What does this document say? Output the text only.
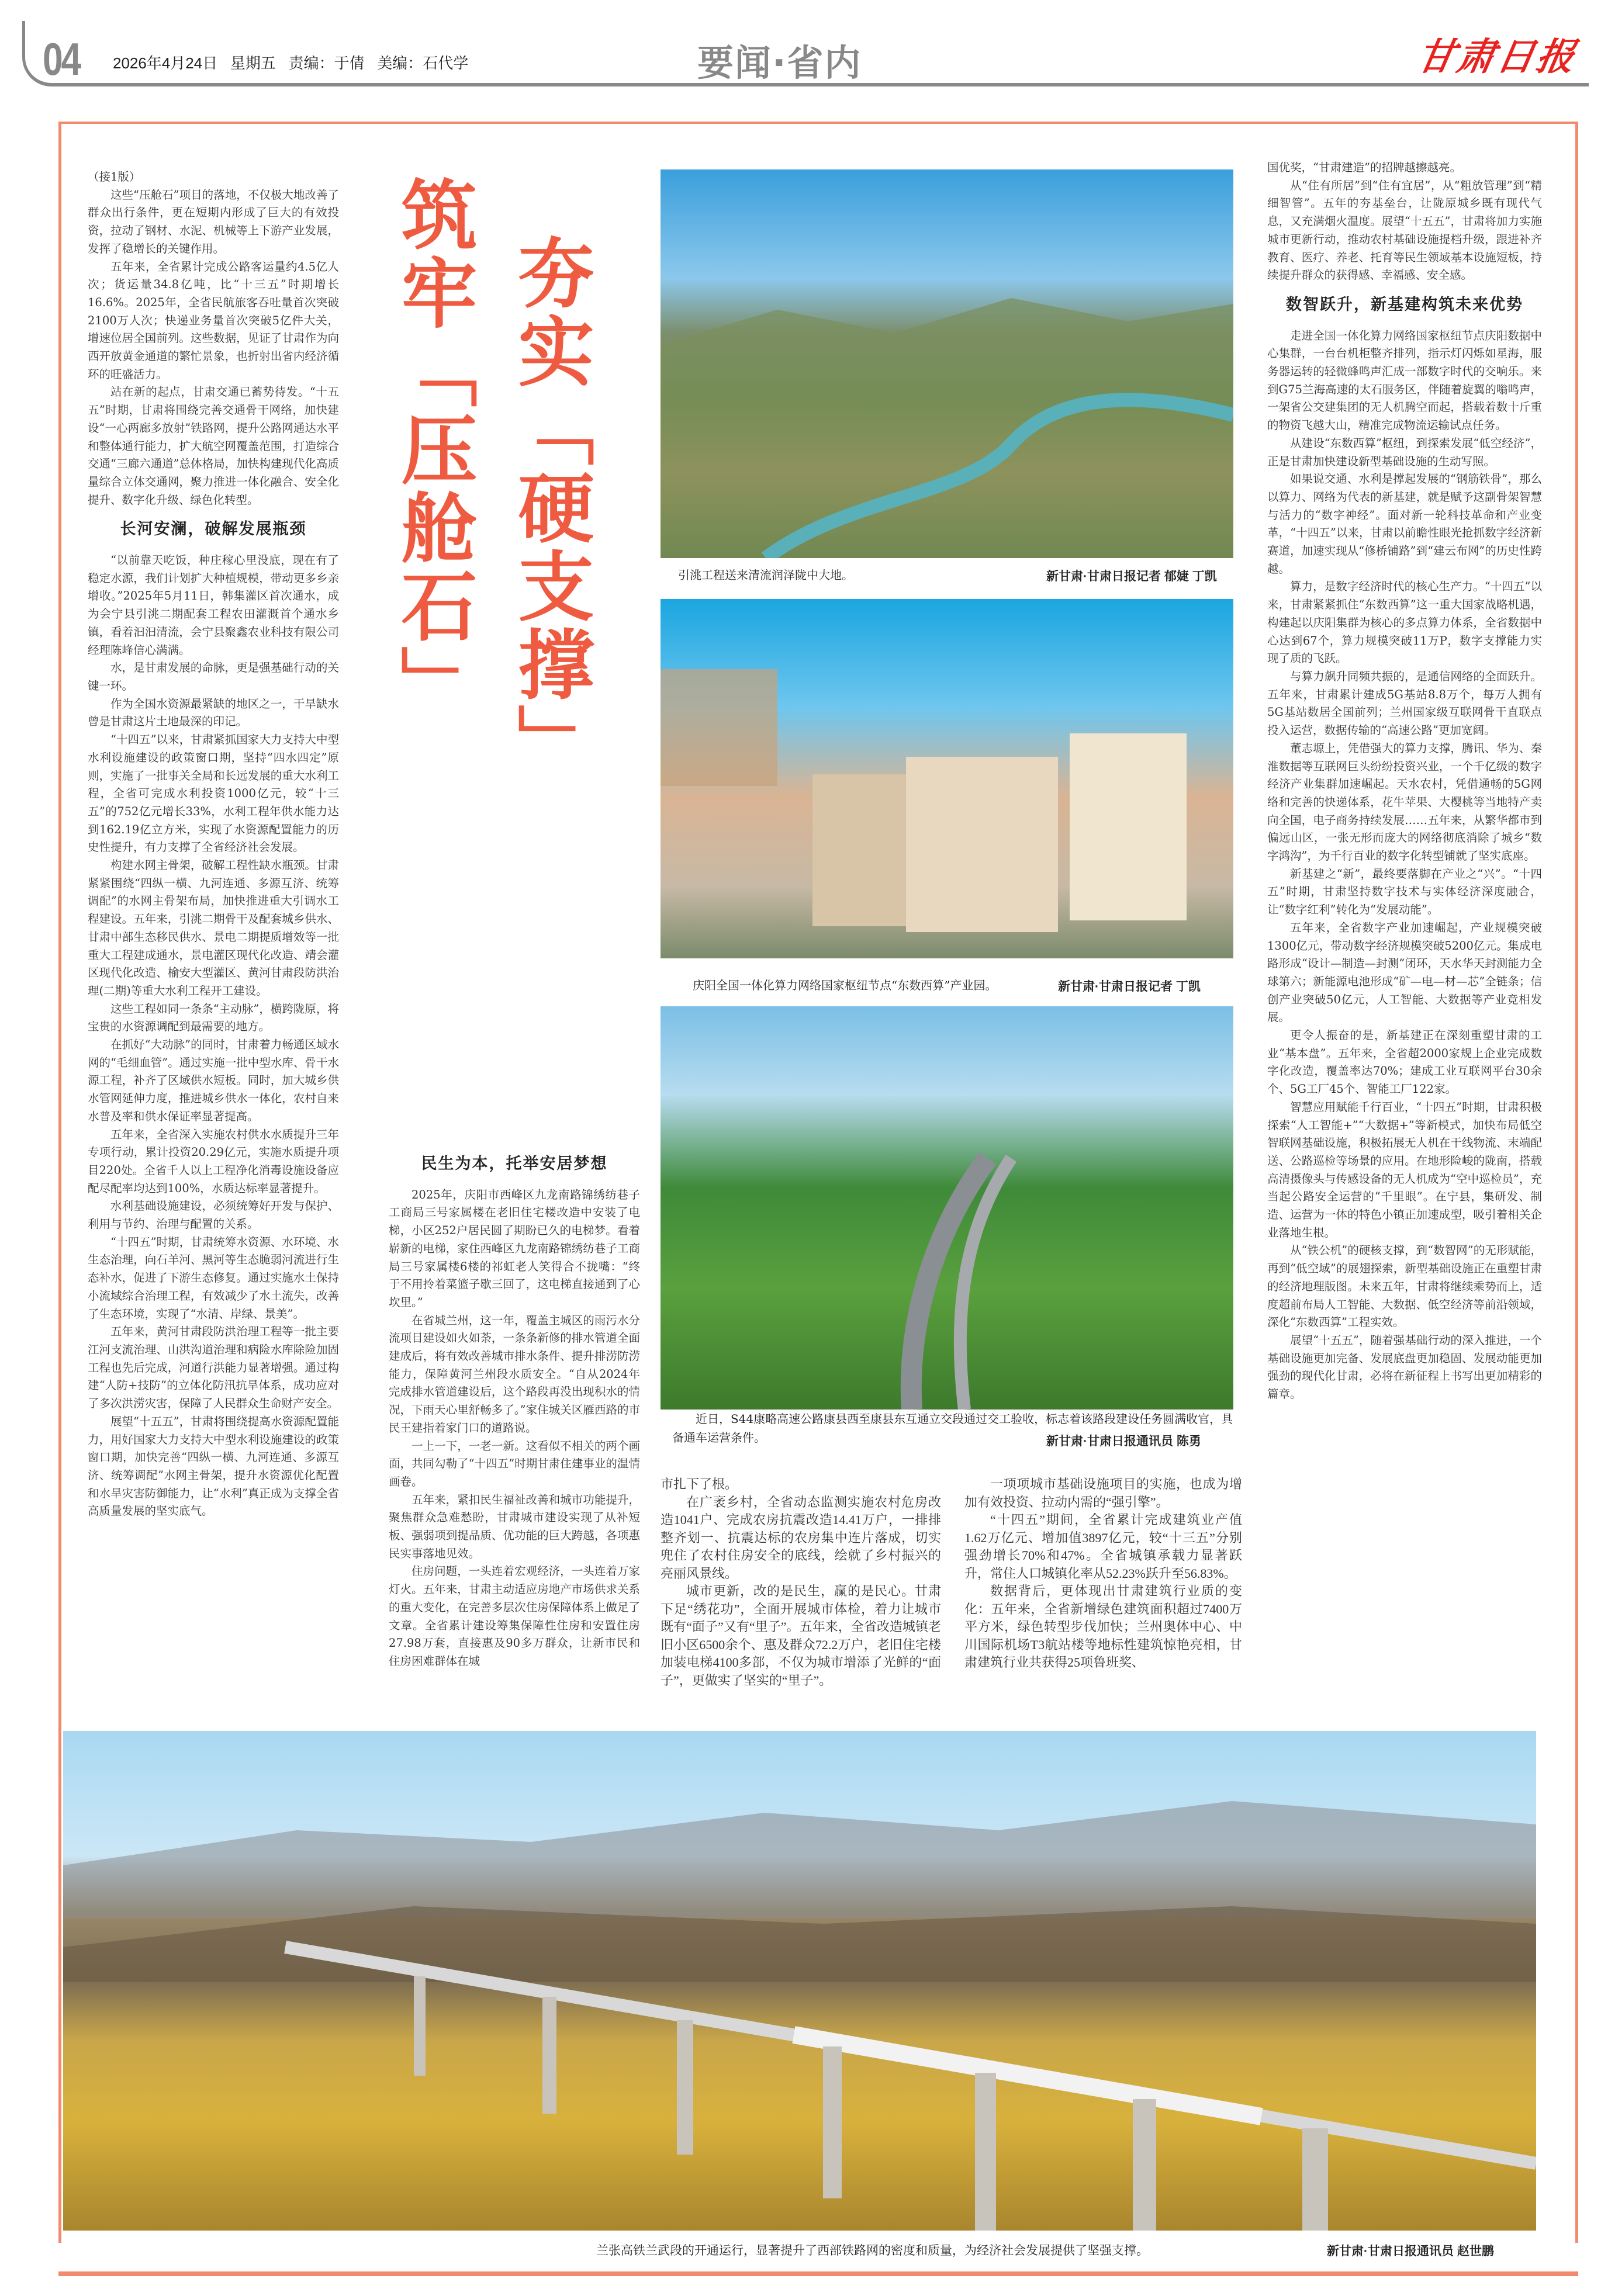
04 2026年4月24日 星期五 责编：于倩 美编：石代学	要闻·省内	甘肃日报
筑牢「压舱石」 夯实「硬支撑」

（接1版）

这些“压舱石”项目的落地，不仅极大地改善了群众出行条件，更在短期内形成了巨大的有效投资，拉动了钢材、水泥、机械等上下游产业发展，发挥了稳增长的关键作用。

五年来，全省累计完成公路客运量约4.5亿人次；货运量34.8亿吨，比“十三五”时期增长16.6%。2025年，全省民航旅客吞吐量首次突破2100万人次；快递业务量首次突破5亿件大关，增速位居全国前列。这些数据，见证了甘肃作为向西开放黄金通道的繁忙景象，也折射出省内经济循环的旺盛活力。

站在新的起点，甘肃交通已蓄势待发。“十五五”时期，甘肃将围绕完善交通骨干网络，加快建设“一心两廊多放射”铁路网，提升公路网通达水平和整体通行能力，扩大航空网覆盖范围，打造综合交通“三廊六通道”总体格局，加快构建现代化高质量综合立体交通网，聚力推进一体化融合、安全化提升、数字化升级、绿色化转型。

长河安澜，破解发展瓶颈

“以前靠天吃饭，种庄稼心里没底，现在有了稳定水源，我们计划扩大种植规模，带动更多乡亲增收。”2025年5月11日，韩集灌区首次通水，成为会宁县引洮二期配套工程农田灌溉首个通水乡镇，看着汩汩清流，会宁县聚鑫农业科技有限公司经理陈峰信心满满。

水，是甘肃发展的命脉，更是强基础行动的关键一环。

作为全国水资源最紧缺的地区之一，干旱缺水曾是甘肃这片土地最深的印记。

“十四五”以来，甘肃紧抓国家大力支持大中型水利设施建设的政策窗口期，坚持“四水四定”原则，实施了一批事关全局和长远发展的重大水利工程，全省可完成水利投资1000亿元，较“十三五”的752亿元增长33%，水利工程年供水能力达到162.19亿立方米，实现了水资源配置能力的历史性提升，有力支撑了全省经济社会发展。

构建水网主骨架，破解工程性缺水瓶颈。甘肃紧紧围绕“四纵一横、九河连通、多源互济、统筹调配”的水网主骨架布局，加快推进重大引调水工程建设。五年来，引洮二期骨干及配套城乡供水、甘肃中部生态移民供水、景电二期提质增效等一批重大工程建成通水，景电灌区现代化改造、靖会灌区现代化改造、榆安大型灌区、黄河甘肃段防洪治理(二期)等重大水利工程开工建设。

这些工程如同一条条“主动脉”，横跨陇原，将宝贵的水资源调配到最需要的地方。

在抓好“大动脉”的同时，甘肃着力畅通区域水网的“毛细血管”。通过实施一批中型水库、骨干水源工程，补齐了区域供水短板。同时，加大城乡供水管网延伸力度，推进城乡供水一体化，农村自来水普及率和供水保证率显著提高。

五年来，全省深入实施农村供水水质提升三年专项行动，累计投资20.29亿元，实施水质提升项目220处。全省千人以上工程净化消毒设施设备应配尽配率均达到100%，水质达标率显著提升。

水利基础设施建设，必须统筹好开发与保护、利用与节约、治理与配置的关系。

“十四五”时期，甘肃统筹水资源、水环境、水生态治理，向石羊河、黑河等生态脆弱河流进行生态补水，促进了下游生态修复。通过实施水土保持小流域综合治理工程，有效减少了水土流失，改善了生态环境，实现了“水清、岸绿、景美”。

五年来，黄河甘肃段防洪治理工程等一批主要江河支流治理、山洪沟道治理和病险水库除险加固工程也先后完成，河道行洪能力显著增强。通过构建“人防+技防”的立体化防汛抗旱体系，成功应对了多次洪涝灾害，保障了人民群众生命财产安全。

展望“十五五”，甘肃将围绕提高水资源配置能力，用好国家大力支持大中型水利设施建设的政策窗口期，加快完善“四纵一横、九河连通、多源互济、统筹调配”水网主骨架，提升水资源优化配置和水旱灾害防御能力，让“水利”真正成为支撑全省高质量发展的坚实底气。

民生为本，托举安居梦想

2025年，庆阳市西峰区九龙南路锦绣纺巷子工商局三号家属楼在老旧住宅楼改造中安装了电梯，小区252户居民圆了期盼已久的电梯梦。看着崭新的电梯，家住西峰区九龙南路锦绣纺巷子工商局三号家属楼6楼的祁虹老人笑得合不拢嘴：“终于不用拎着菜篮子歇三回了，这电梯直接通到了心坎里。”

在省城兰州，这一年，覆盖主城区的雨污水分流项目建设如火如荼，一条条新修的排水管道全面建成后，将有效改善城市排水条件、提升排涝防涝能力，保障黄河兰州段水质安全。“自从2024年完成排水管道建设后，这个路段再没出现积水的情况，下雨天心里舒畅多了。”家住城关区雁西路的市民王建指着家门口的道路说。

一上一下，一老一新。这看似不相关的两个画面，共同勾勒了“十四五”时期甘肃住建事业的温情画卷。

五年来，紧扣民生福祉改善和城市功能提升，聚焦群众急难愁盼，甘肃城市建设实现了从补短板、强弱项到提品质、优功能的巨大跨越，各项惠民实事落地见效。

住房问题，一头连着宏观经济，一头连着万家灯火。五年来，甘肃主动适应房地产市场供求关系的重大变化，在完善多层次住房保障体系上做足了文章。全省累计建设筹集保障性住房和安置住房27.98万套，直接惠及90多万群众，让新市民和住房困难群体在城

引洮工程送来清流润泽陇中大地。	新甘肃·甘肃日报记者 郁婕 丁凯
庆阳全国一体化算力网络国家枢纽节点“东数西算”产业园。	新甘肃·甘肃日报记者 丁凯
近日，S44康略高速公路康县西至康县东互通立交段通过交工验收，标志着该路段建设任务圆满收官，具备通车运营条件。	新甘肃·甘肃日报通讯员 陈勇

市扎下了根。

在广袤乡村，全省动态监测实施农村危房改造1041户、完成农房抗震改造14.41万户，一排排整齐划一、抗震达标的农房集中连片落成，切实兜住了农村住房安全的底线，绘就了乡村振兴的亮丽风景线。

城市更新，改的是民生，赢的是民心。甘肃下足“绣花功”，全面开展城市体检，着力让城市既有“面子”又有“里子”。五年来，全省改造城镇老旧小区6500余个、惠及群众72.2万户，老旧住宅楼加装电梯4100多部，不仅为城市增添了光鲜的“面子”，更做实了坚实的“里子”。

一项项城市基础设施项目的实施，也成为增加有效投资、拉动内需的“强引擎”。

“十四五”期间，全省累计完成建筑业产值1.62万亿元、增加值3897亿元，较“十三五”分别强劲增长70%和47%。全省城镇承载力显著跃升，常住人口城镇化率从52.23%跃升至56.83%。

数据背后，更体现出甘肃建筑行业质的变化：五年来，全省新增绿色建筑面积超过7400万平方米，绿色转型步伐加快；兰州奥体中心、中川国际机场T3航站楼等地标性建筑惊艳亮相，甘肃建筑行业共获得25项鲁班奖、

国优奖，“甘肃建造”的招牌越擦越亮。

从“住有所居”到“住有宜居”，从“粗放管理”到“精细智管”。五年的夯基垒台，让陇原城乡既有现代气息，又充满烟火温度。展望“十五五”，甘肃将加力实施城市更新行动，推动农村基础设施提档升级，跟进补齐教育、医疗、养老、托育等民生领域基本设施短板，持续提升群众的获得感、幸福感、安全感。

数智跃升，新基建构筑未来优势

走进全国一体化算力网络国家枢纽节点庆阳数据中心集群，一台台机柜整齐排列，指示灯闪烁如星海，服务器运转的轻微蜂鸣声汇成一部数字时代的交响乐。来到G75兰海高速的太石服务区，伴随着旋翼的嗡鸣声，一架省公交建集团的无人机腾空而起，搭载着数十斤重的物资飞越大山，精准完成物流运输试点任务。

从建设“东数西算”枢纽，到探索发展“低空经济”，正是甘肃加快建设新型基础设施的生动写照。

如果说交通、水利是撑起发展的“钢筋铁骨”，那么以算力、网络为代表的新基建，就是赋予这副骨架智慧与活力的“数字神经”。面对新一轮科技革命和产业变革，“十四五”以来，甘肃以前瞻性眼光抢抓数字经济新赛道，加速实现从“修桥铺路”到“建云布网”的历史性跨越。

算力，是数字经济时代的核心生产力。“十四五”以来，甘肃紧紧抓住“东数西算”这一重大国家战略机遇，构建起以庆阳集群为核心的多点算力体系，全省数据中心达到67个，算力规模突破11万P，数字支撑能力实现了质的飞跃。

与算力飙升同频共振的，是通信网络的全面跃升。五年来，甘肃累计建成5G基站8.8万个，每万人拥有5G基站数居全国前列；兰州国家级互联网骨干直联点投入运营，数据传输的“高速公路”更加宽阔。

董志塬上，凭借强大的算力支撑，腾讯、华为、秦淮数据等互联网巨头纷纷投资兴业，一个千亿级的数字经济产业集群加速崛起。天水农村，凭借通畅的5G网络和完善的快递体系，花牛苹果、大樱桃等当地特产卖向全国，电子商务持续发展……五年来，从繁华都市到偏远山区，一张无形而庞大的网络彻底消除了城乡“数字鸿沟”，为千行百业的数字化转型铺就了坚实底座。

新基建之“新”，最终要落脚在产业之“兴”。“十四五”时期，甘肃坚持数字技术与实体经济深度融合，让“数字红利”转化为“发展动能”。

五年来，全省数字产业加速崛起，产业规模突破1300亿元，带动数字经济规模突破5200亿元。集成电路形成“设计—制造—封测”闭环，天水华天封测能力全球第六；新能源电池形成“矿—电—材—芯”全链条；信创产业突破50亿元，人工智能、大数据等产业竞相发展。

更令人振奋的是，新基建正在深刻重塑甘肃的工业“基本盘”。五年来，全省超2000家规上企业完成数字化改造，覆盖率达70%；建成工业互联网平台30余个、5G工厂45个、智能工厂122家。

智慧应用赋能千行百业，“十四五”时期，甘肃积极探索“人工智能+”“大数据+”等新模式，加快布局低空智联网基础设施，积极拓展无人机在干线物流、末端配送、公路巡检等场景的应用。在地形险峻的陇南，搭载高清摄像头与传感设备的无人机成为“空中巡检员”，充当起公路安全运营的“千里眼”。在宁县，集研发、制造、运营为一体的特色小镇正加速成型，吸引着相关企业落地生根。

从“铁公机”的硬核支撑，到“数智网”的无形赋能，再到“低空域”的展翅探索，新型基础设施正在重塑甘肃的经济地理版图。未来五年，甘肃将继续乘势而上，适度超前布局人工智能、大数据、低空经济等前沿领域，深化“东数西算”工程实效。

展望“十五五”，随着强基础行动的深入推进，一个基础设施更加完备、发展底盘更加稳固、发展动能更加强劲的现代化甘肃，必将在新征程上书写出更加精彩的篇章。

兰张高铁兰武段的开通运行，显著提升了西部铁路网的密度和质量，为经济社会发展提供了坚强支撑。	新甘肃·甘肃日报通讯员 赵世鹏
